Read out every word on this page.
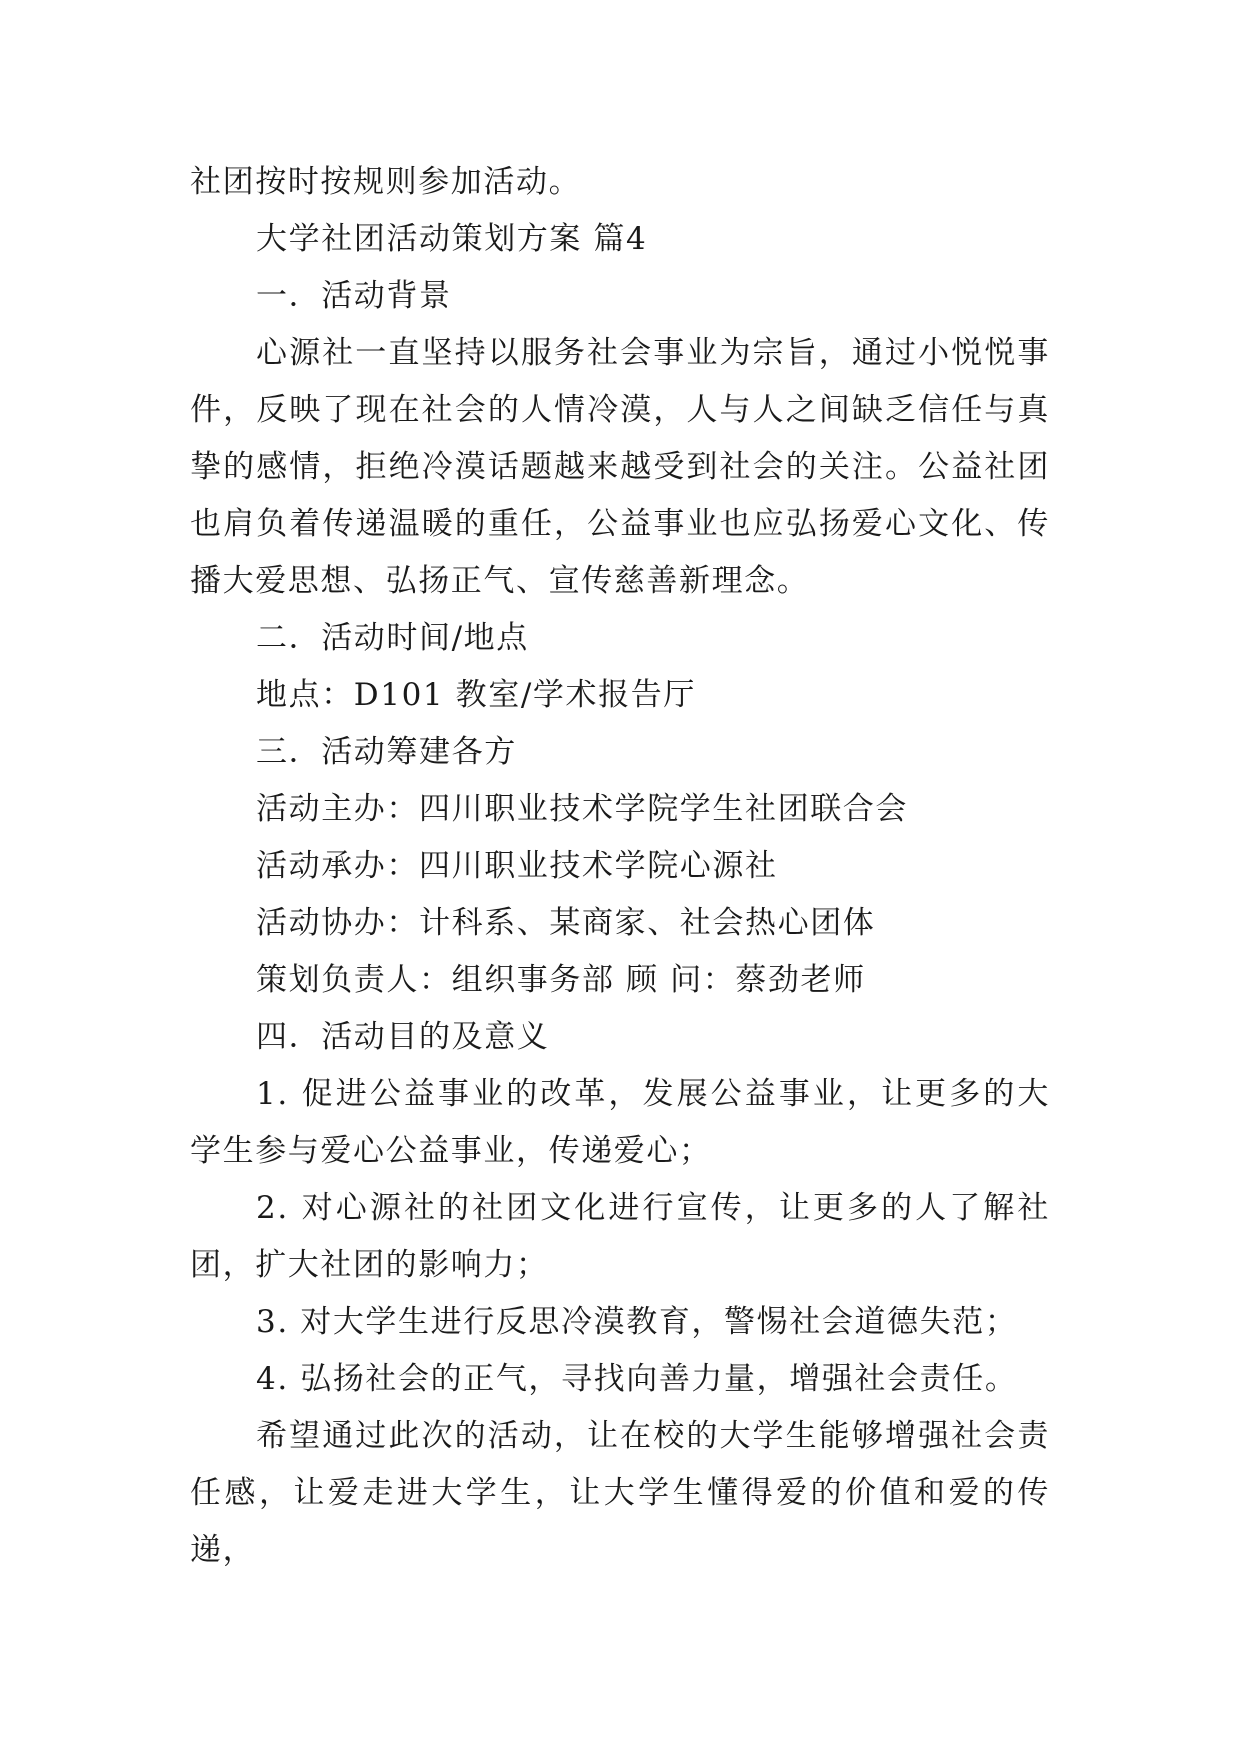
社团按时按规则参加活动。

大学社团活动策划方案 篇4

一．活动背景

心源社一直坚持以服务社会事业为宗旨，通过小悦悦事件，反映了现在社会的人情冷漠，人与人之间缺乏信任与真挚的感情，拒绝冷漠话题越来越受到社会的关注。公益社团也肩负着传递温暖的重任，公益事业也应弘扬爱心文化、传播大爱思想、弘扬正气、宣传慈善新理念。

二．活动时间/地点

地点：D101 教室/学术报告厅

三．活动筹建各方

活动主办：四川职业技术学院学生社团联合会

活动承办：四川职业技术学院心源社

活动协办：计科系、某商家、社会热心团体

策划负责人：组织事务部 顾 问：蔡劲老师

四．活动目的及意义

1. 促进公益事业的改革，发展公益事业，让更多的大学生参与爱心公益事业，传递爱心；

2. 对心源社的社团文化进行宣传，让更多的人了解社团，扩大社团的影响力；

3. 对大学生进行反思冷漠教育，警惕社会道德失范；

4. 弘扬社会的正气，寻找向善力量，增强社会责任。

希望通过此次的活动，让在校的大学生能够增强社会责任感，让爱走进大学生，让大学生懂得爱的价值和爱的传递，
